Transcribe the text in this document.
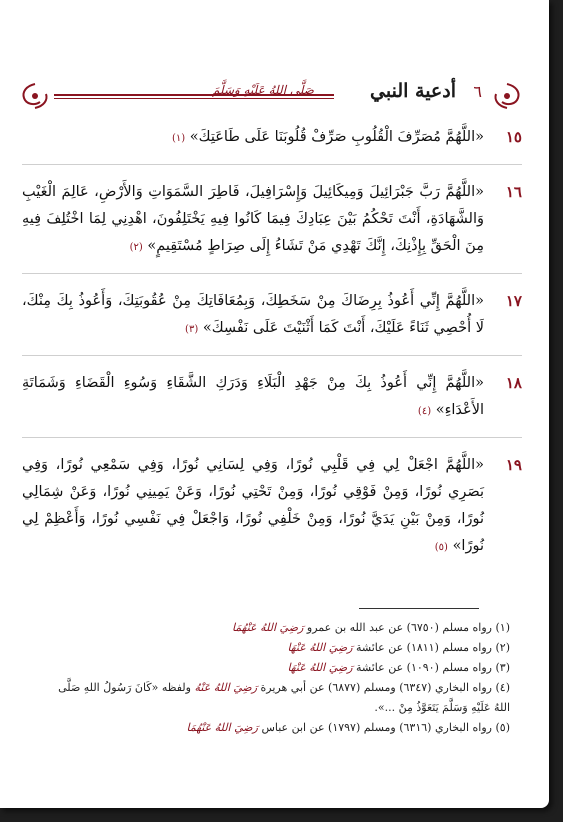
صَلَّى اللهُ عَلَيْهِ وَسَلَّمَ	أدعية النبي ٦
١٥
«اللَّهُمَّ مُصَرِّفَ الْقُلُوبِ صَرِّفْ قُلُوبَنَا عَلَى طَاعَتِكَ» (١)
١٦
«اللَّهُمَّ رَبَّ جَبْرَائِيلَ وَمِيكَائِيلَ وَإِسْرَافِيلَ، فَاطِرَ السَّمَوَاتِ وَالأَرْضِ، عَالِمَ الْغَيْبِ وَالشَّهَادَةِ، أَنْتَ تَحْكُمُ بَيْنَ عِبَادِكَ فِيمَا كَانُوا فِيهِ يَخْتَلِفُونَ، اهْدِنِي لِمَا اخْتُلِفَ فِيهِ مِنَ الْحَقِّ بِإِذْنِكَ، إِنَّكَ تَهْدِي مَنْ تَشَاءُ إِلَى صِرَاطٍ مُسْتَقِيمٍ» (٢)
١٧
«اللَّهُمَّ إِنِّي أَعُوذُ بِرِضَاكَ مِنْ سَخَطِكَ، وَبِمُعَافَاتِكَ مِنْ عُقُوبَتِكَ، وَأَعُوذُ بِكَ مِنْكَ، لَا أُحْصِي ثَنَاءً عَلَيْكَ، أَنْتَ كَمَا أَثْنَيْتَ عَلَى نَفْسِكَ» (٣)
١٨
«اللَّهُمَّ إِنِّي أَعُوذُ بِكَ مِنْ جَهْدِ الْبَلَاءِ وَدَرَكِ الشَّقَاءِ وَسُوءِ الْقَضَاءِ وَشَمَاتَةِ الأَعْدَاءِ» (٤)
١٩
«اللَّهُمَّ اجْعَلْ لِي فِي قَلْبِي نُورًا، وَفِي لِسَانِي نُورًا، وَفِي سَمْعِي نُورًا، وَفِي بَصَرِي نُورًا، وَمِنْ فَوْقِي نُورًا، وَمِنْ تَحْتِي نُورًا، وَعَنْ يَمِينِي نُورًا، وَعَنْ شِمَالِي نُورًا، وَمِنْ بَيْنِ يَدَيَّ نُورًا، وَمِنْ خَلْفِي نُورًا، وَاجْعَلْ فِي نَفْسِي نُورًا، وَأَعْظِمْ لِي نُورًا» (٥)
(١) رواه مسلم (٦٧٥٠) عن عبد الله بن عمرو رَضِيَ اللهُ عَنْهُمَا
(٢) رواه مسلم (١٨١١) عن عائشة رَضِيَ اللهُ عَنْهَا
(٣) رواه مسلم (١٠٩٠) عن عائشة رَضِيَ اللهُ عَنْهَا
(٤) رواه البخاري (٦٣٤٧) ومسلم (٦٨٧٧) عن أبي هريرة رَضِيَ اللهُ عَنْهُ ولفظه «كَانَ رَسُولُ اللهِ صَلَّى اللهُ عَلَيْهِ وَسَلَّمَ يَتَعَوَّذُ مِنْ ...».
(٥) رواه البخاري (٦٣١٦) ومسلم (١٧٩٧) عن ابن عباس رَضِيَ اللهُ عَنْهُمَا
